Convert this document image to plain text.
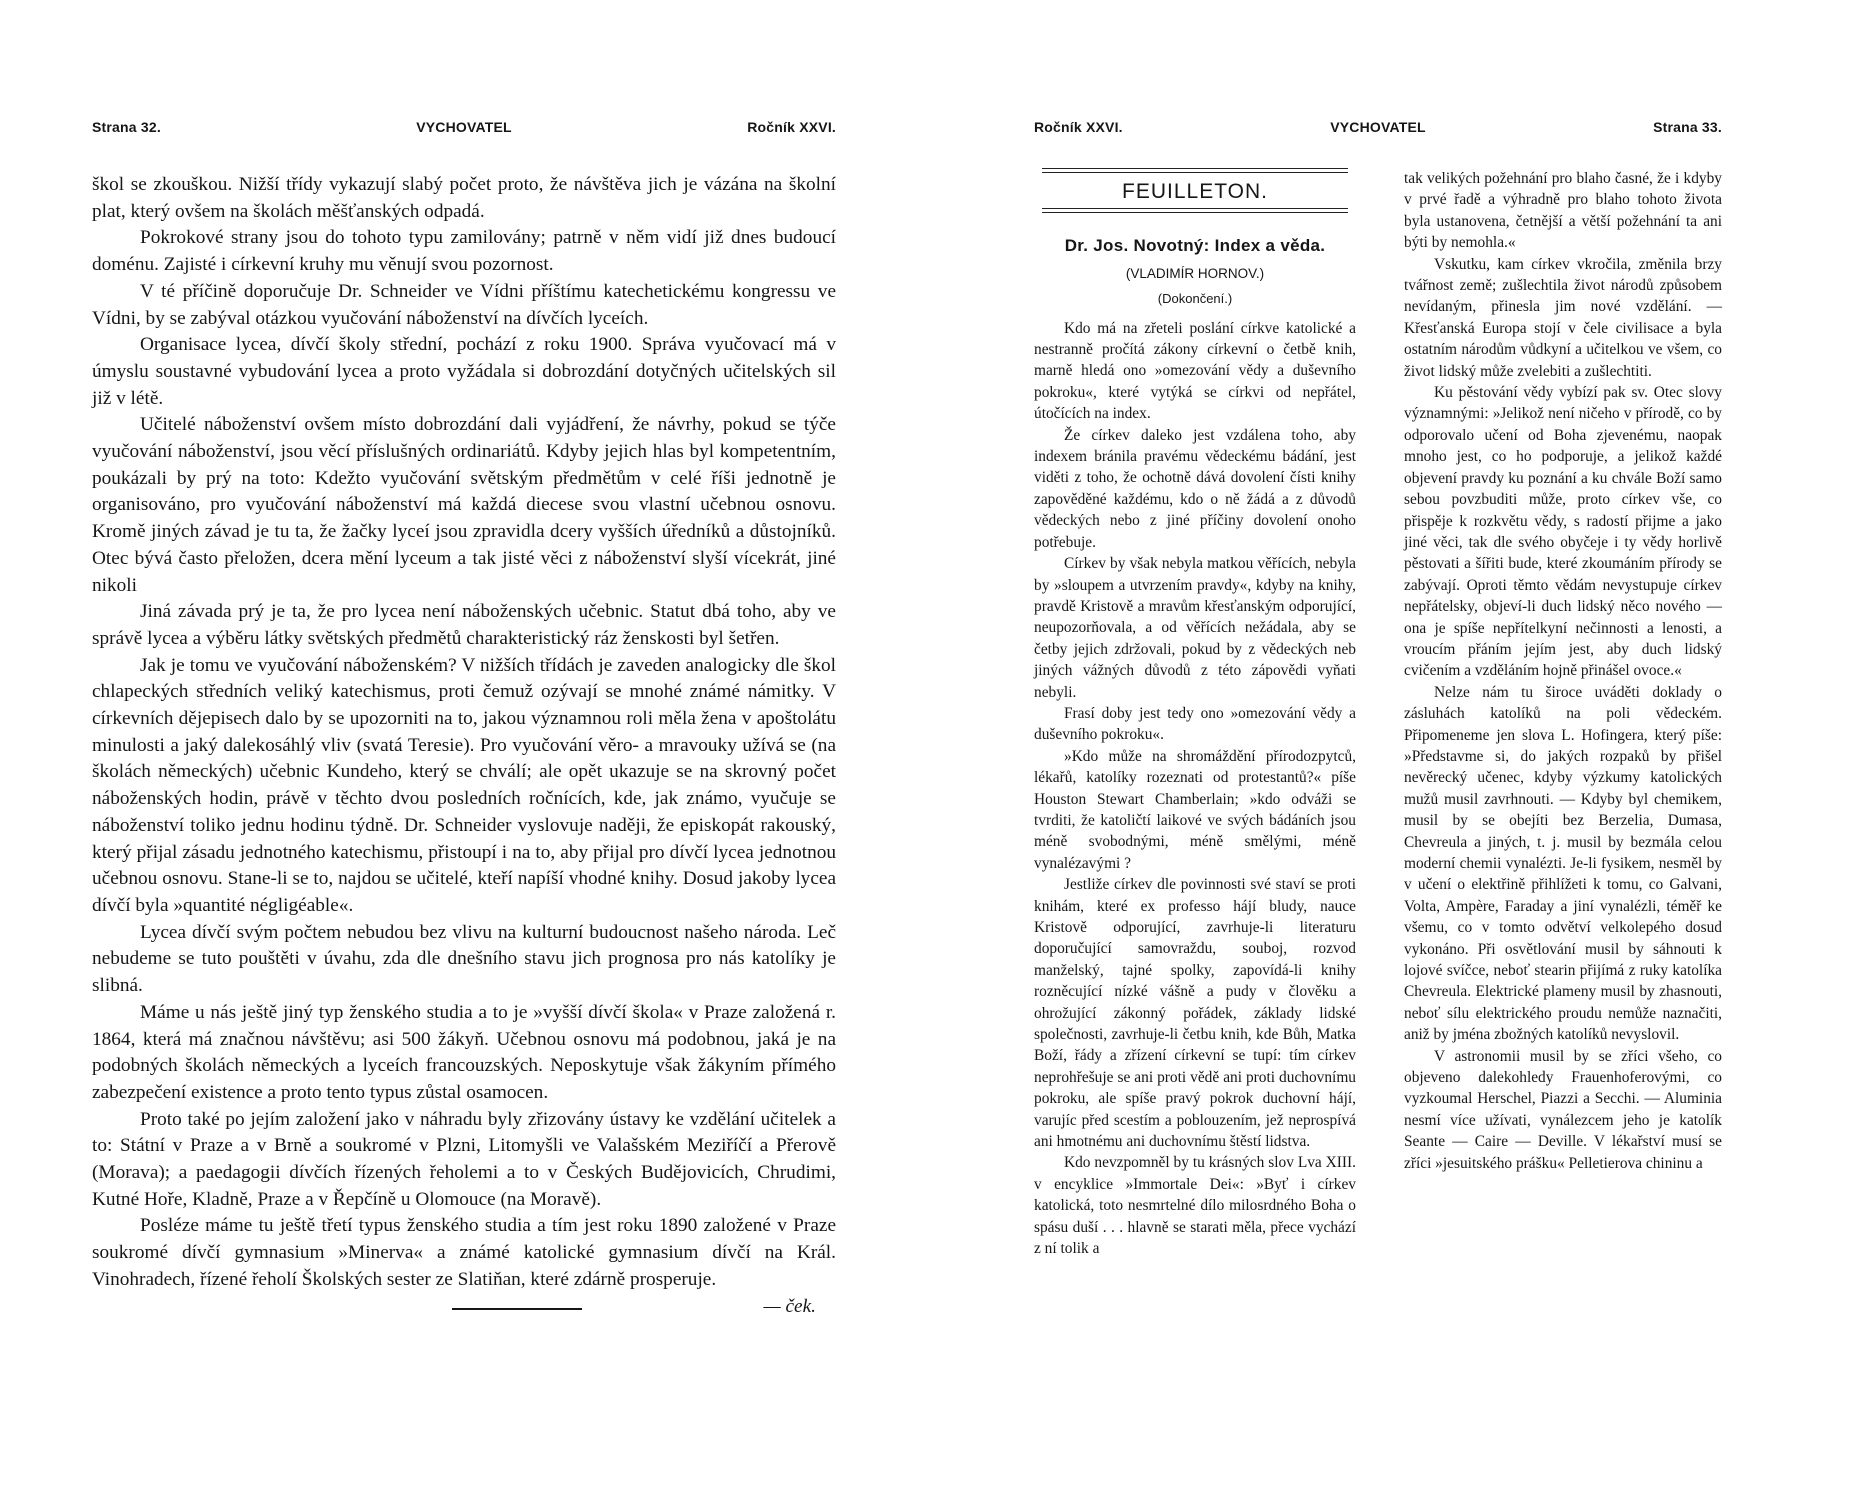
Strana 32.	VYCHOVATEL	Ročník XXVI.

škol se zkouškou. Nižší třídy vykazují slabý počet proto, že návštěva jich je vázána na školní plat, který ovšem na školách měšťanských odpadá.

Pokrokové strany jsou do tohoto typu zamilovány; patrně v něm vidí již dnes budoucí doménu. Zajisté i církevní kruhy mu věnují svou pozornost.

V té příčině doporučuje Dr. Schneider ve Vídni příštímu katechetickému kongressu ve Vídni, by se zabýval otázkou vyučování náboženství na dívčích lyceích.

Organisace lycea, dívčí školy střední, pochází z roku 1900. Správa vyučovací má v úmyslu soustavné vybudování lycea a proto vyžádala si dobrozdání dotyčných učitelských sil již v létě.

Učitelé náboženství ovšem místo dobrozdání dali vyjádření, že návrhy, pokud se týče vyučování náboženství, jsou věcí příslušných ordinariátů. Kdyby jejich hlas byl kompetentním, poukázali by prý na toto: Kdežto vyučování světským předmětům v celé říši jednotně je organisováno, pro vyučování náboženství má každá diecese svou vlastní učebnou osnovu. Kromě jiných závad je tu ta, že žačky lyceí jsou zpravidla dcery vyšších úředníků a důstojníků. Otec bývá často přeložen, dcera mění lyceum a tak jisté věci z náboženství slyší vícekrát, jiné nikoli

Jiná závada prý je ta, že pro lycea není náboženských učebnic. Statut dbá toho, aby ve správě lycea a výběru látky světských předmětů charakteristický ráz ženskosti byl šetřen.

Jak je tomu ve vyučování náboženském? V nižších třídách je zaveden analogicky dle škol chlapeckých středních veliký katechismus, proti čemuž ozývají se mnohé známé námitky. V církevních dějepisech dalo by se upozorniti na to, jakou významnou roli měla žena v apoštolátu minulosti a jaký dalekosáhlý vliv (svatá Teresie). Pro vyučování věro- a mravouky užívá se (na školách německých) učebnic Kundeho, který se chválí; ale opět ukazuje se na skrovný počet náboženských hodin, právě v těchto dvou posledních ročnících, kde, jak známo, vyučuje se náboženství toliko jednu hodinu týdně. Dr. Schneider vyslovuje naději, že episkopát rakouský, který přijal zásadu jednotného katechismu, přistoupí i na to, aby přijal pro dívčí lycea jednotnou učebnou osnovu. Stane-li se to, najdou se učitelé, kteří napíší vhodné knihy. Dosud jakoby lycea dívčí byla »quantité négligéable«.

Lycea dívčí svým počtem nebudou bez vlivu na kulturní budoucnost našeho národa. Leč nebudeme se tuto pouštěti v úvahu, zda dle dnešního stavu jich prognosa pro nás katolíky je slibná.

Máme u nás ještě jiný typ ženského studia a to je »vyšší dívčí škola« v Praze založená r. 1864, která má značnou návštěvu; asi 500 žákyň. Učebnou osnovu má podobnou, jaká je na podobných školách německých a lyceích francouzských. Neposkytuje však žákyním přímého zabezpečení existence a proto tento typus zůstal osamocen.

Proto také po jejím založení jako v náhradu byly zřizovány ústavy ke vzdělání učitelek a to: Státní v Praze a v Brně a soukromé v Plzni, Litomyšli ve Valašském Meziříčí a Přerově (Morava); a paedagogii dívčích řízených řeholemi a to v Českých Budějovicích, Chrudimi, Kutné Hoře, Kladně, Praze a v Řepčíně u Olomouce (na Moravě).

Posléze máme tu ještě třetí typus ženského studia a tím jest roku 1890 založené v Praze soukromé dívčí gymnasium »Minerva« a známé katolické gymnasium dívčí na Král. Vinohradech, řízené řeholí Školských sester ze Slatiňan, které zdárně prosperuje.

— ček.
Ročník XXVI.	VYCHOVATEL	Strana 33.
FEUILLETON.
Dr. Jos. Novotný: Index a věda.
(VLADIMÍR HORNOV.)
(Dokončení.)

Kdo má na zřeteli poslání církve katolické a nestranně pročítá zákony církevní o četbě knih, marně hledá ono »omezování vědy a duševního pokroku«, které vytýká se církvi od nepřátel, útočících na index.

Že církev daleko jest vzdálena toho, aby indexem bránila pravému vědeckému bádání, jest viděti z toho, že ochotně dává dovolení čísti knihy zapověděné každému, kdo o ně žádá a z důvodů vědeckých nebo z jiné příčiny dovolení onoho potřebuje.

Církev by však nebyla matkou věřících, nebyla by »sloupem a utvrzením pravdy«, kdyby na knihy, pravdě Kristově a mravům křesťanským odporující, neupozorňovala, a od věřících nežádala, aby se četby jejich zdržovali, pokud by z vědeckých neb jiných vážných důvodů z této zápovědi vyňati nebyli.

Frasí doby jest tedy ono »omezování vědy a duševního pokroku«.

»Kdo může na shromáždění přírodozpytců, lékařů, katolíky rozeznati od protestantů?« píše Houston Stewart Chamberlain; »kdo odváži se tvrditi, že katoličtí laikové ve svých bádáních jsou méně svobodnými, méně smělými, méně vynalézavými ?

Jestliže církev dle povinnosti své staví se proti knihám, které ex professo hájí bludy, nauce Kristově odporující, zavrhuje-li literaturu doporučující samovraždu, souboj, rozvod manželský, tajné spolky, zapovídá-li knihy rozněcující nízké vášně a pudy v člověku a ohrožující zákonný pořádek, základy lidské společnosti, zavrhuje-li četbu knih, kde Bůh, Matka Boží, řády a zřízení církevní se tupí: tím církev neprohřešuje se ani proti vědě ani proti duchovnímu pokroku, ale spíše pravý pokrok duchovní hájí, varujíc před scestím a poblouzením, jež neprospívá ani hmotnému ani duchovnímu štěstí lidstva.

Kdo nevzpomněl by tu krásných slov Lva XIII. v encyklice »Immortale Dei«: »Byť i církev katolická, toto nesmrtelné dílo milosrdného Boha o spásu duší . . . hlavně se starati měla, přece vychází z ní tolik a

tak velikých požehnání pro blaho časné, že i kdyby v prvé řadě a výhradně pro blaho tohoto života byla ustanovena, četnější a větší požehnání ta ani býti by nemohla.«

Vskutku, kam církev vkročila, změnila brzy tvářnost země; zušlechtila život národů způsobem nevídaným, přinesla jim nové vzdělání. — Křesťanská Europa stojí v čele civilisace a byla ostatním národům vůdkyní a učitelkou ve všem, co život lidský může zvelebiti a zušlechtiti.

Ku pěstování vědy vybízí pak sv. Otec slovy významnými: »Jelikož není ničeho v přírodě, co by odporovalo učení od Boha zjevenému, naopak mnoho jest, co ho podporuje, a jelikož každé objevení pravdy ku poznání a ku chvále Boží samo sebou povzbuditi může, proto církev vše, co přispěje k rozkvětu vědy, s radostí přijme a jako jiné věci, tak dle svého obyčeje i ty vědy horlivě pěstovati a šířiti bude, které zkoumáním přírody se zabývají. Oproti těmto vědám nevystupuje církev nepřátelsky, objeví-li duch lidský něco nového — ona je spíše nepřítelkyní nečinnosti a lenosti, a vroucím přáním jejím jest, aby duch lidský cvičením a vzděláním hojně přinášel ovoce.«

Nelze nám tu široce uváděti doklady o zásluhách katolíků na poli vědeckém. Připomeneme jen slova L. Hofingera, který píše: »Představme si, do jakých rozpaků by přišel nevěrecký učenec, kdyby výzkumy katolických mužů musil zavrhnouti. — Kdyby byl chemikem, musil by se obejíti bez Berzelia, Dumasa, Chevreula a jiných, t. j. musil by bezmála celou moderní chemii vynalézti. Je-li fysikem, nesměl by v učení o elektřině přihlížeti k tomu, co Galvani, Volta, Ampère, Faraday a jiní vynalézli, téměř ke všemu, co v tomto odvětví velkolepého dosud vykonáno. Při osvětlování musil by sáhnouti k lojové svíčce, neboť stearin přijímá z ruky katolíka Chevreula. Elektrické plameny musil by zhasnouti, neboť sílu elektrického proudu nemůže naznačiti, aniž by jména zbožných katolíků nevyslovil.

V astronomii musil by se zříci všeho, co objeveno dalekohledy Frauenhoferovými, co vyzkoumal Herschel, Piazzi a Secchi. — Aluminia nesmí více užívati, vynálezcem jeho je katolík Seante — Caire — Deville. V lékařství musí se zříci »jesuitského prášku« Pelletierova chininu a
